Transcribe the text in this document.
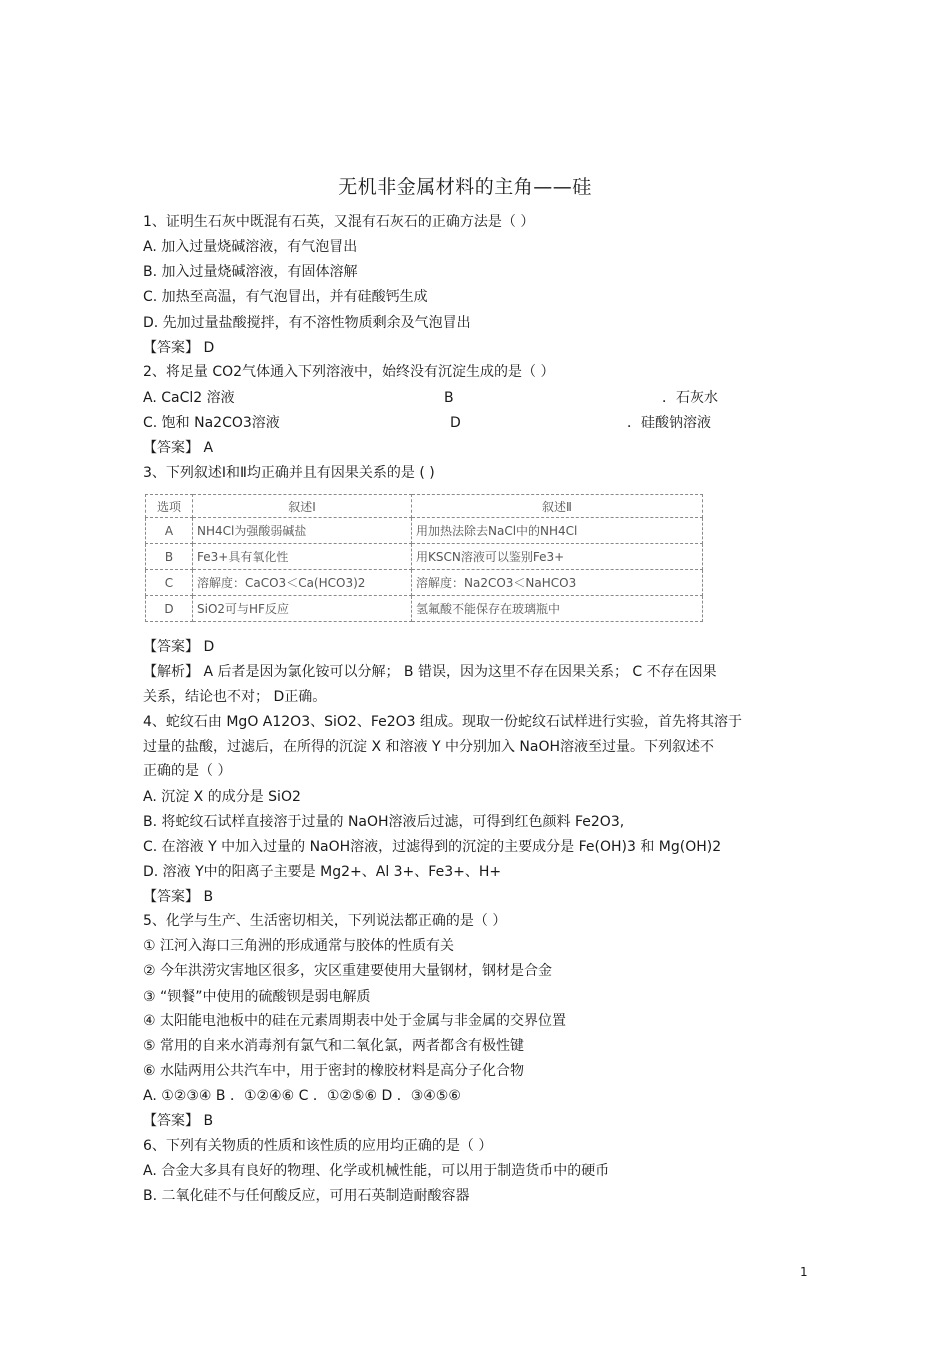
无机非金属材料的主角——硅
1、证明生石灰中既混有石英，又混有石灰石的正确方法是（ ）
A. 加入过量烧碱溶液，有气泡冒出
B. 加入过量烧碱溶液，有固体溶解
C. 加热至高温，有气泡冒出，并有硅酸钙生成
D. 先加过量盐酸搅拌，有不溶性物质剩余及气泡冒出
【答案】 D
2、将足量 CO2气体通入下列溶液中，始终没有沉淀生成的是（ ）
A. CaCl2 溶液	B	．石灰水
C. 饱和 Na2CO3溶液	D	．硅酸钠溶液
【答案】 A
3、下列叙述Ⅰ和Ⅱ均正确并且有因果关系的是 ( )
选项	叙述Ⅰ	叙述Ⅱ
A	NH4Cl为强酸弱碱盐	用加热法除去NaCl中的NH4Cl
B	Fe3+具有氧化性	用KSCN溶液可以鉴别Fe3+
C	溶解度：CaCO3＜Ca(HCO3)2	溶解度：Na2CO3＜NaHCO3
D	SiO2可与HF反应	氢氟酸不能保存在玻璃瓶中
【答案】 D
【解析】 A 后者是因为氯化铵可以分解； B 错误，因为这里不存在因果关系； C 不存在因果
关系，结论也不对； D正确。
4、蛇纹石由 MgO A12O3、SiO2、Fe2O3 组成。现取一份蛇纹石试样进行实验，首先将其溶于
过量的盐酸，过滤后，在所得的沉淀 X 和溶液 Y 中分别加入 NaOH溶液至过量。下列叙述不
正确的是（ ）
A. 沉淀 X 的成分是 SiO2
B. 将蛇纹石试样直接溶于过量的 NaOH溶液后过滤，可得到红色颜料 Fe2O3,
C. 在溶液 Y 中加入过量的 NaOH溶液，过滤得到的沉淀的主要成分是 Fe(OH)3 和 Mg(OH)2
D. 溶液 Y中的阳离子主要是 Mg2+、Al 3+、Fe3+、H+
【答案】 B
5、化学与生产、生活密切相关，下列说法都正确的是（ ）
① 江河入海口三角洲的形成通常与胶体的性质有关
② 今年洪涝灾害地区很多，灾区重建要使用大量钢材，钢材是合金
③ “钡餐”中使用的硫酸钡是弱电解质
④ 太阳能电池板中的硅在元素周期表中处于金属与非金属的交界位置
⑤ 常用的自来水消毒剂有氯气和二氧化氯，两者都含有极性键
⑥ 水陆两用公共汽车中，用于密封的橡胶材料是高分子化合物
A. ①②③④ B ．①②④⑥ C ．①②⑤⑥ D ．③④⑤⑥
【答案】 B
6、下列有关物质的性质和该性质的应用均正确的是（ ）
A. 合金大多具有良好的物理、化学或机械性能，可以用于制造货币中的硬币
B. 二氧化硅不与任何酸反应，可用石英制造耐酸容器
1
